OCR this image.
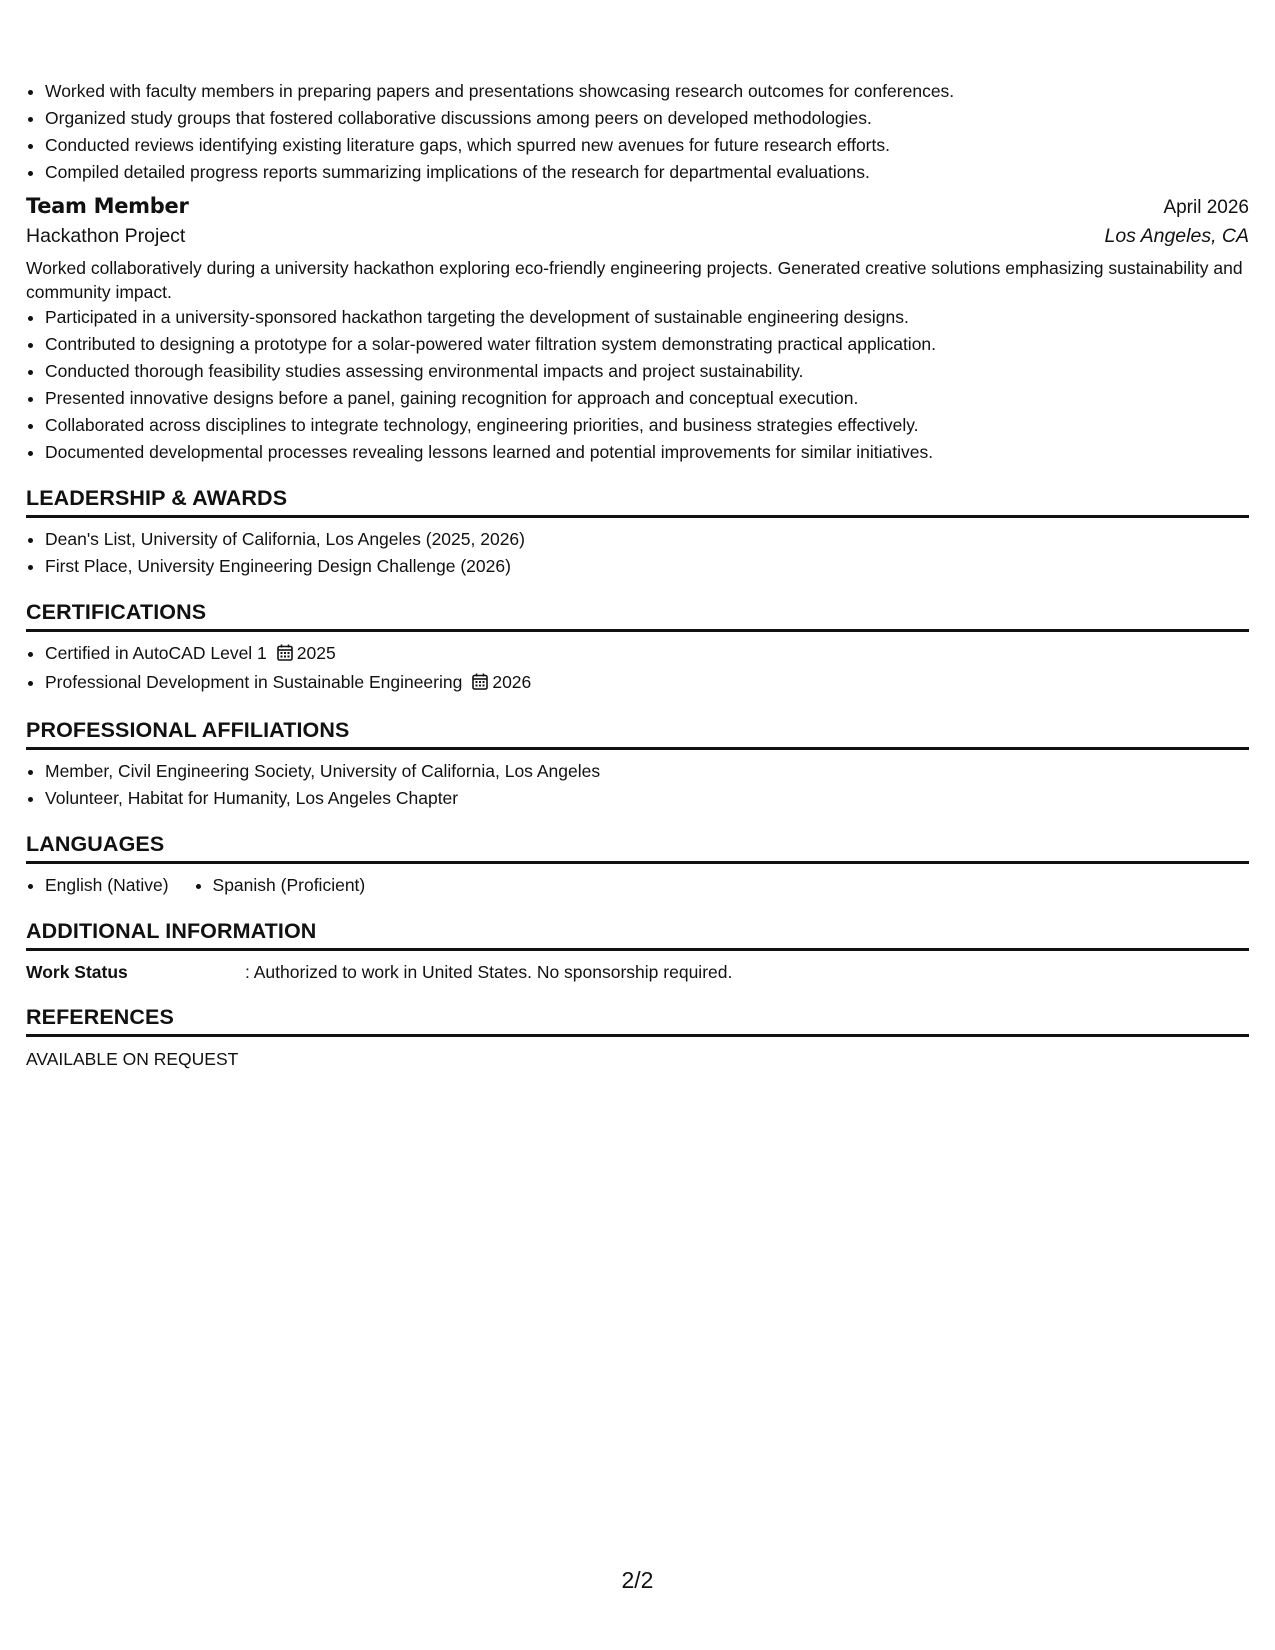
• Worked with faculty members in preparing papers and presentations showcasing research outcomes for conferences.
• Organized study groups that fostered collaborative discussions among peers on developed methodologies.
• Conducted reviews identifying existing literature gaps, which spurred new avenues for future research efforts.
• Compiled detailed progress reports summarizing implications of the research for departmental evaluations.
Team Member	April 2026
Hackathon Project	Los Angeles, CA
Worked collaboratively during a university hackathon exploring eco-friendly engineering projects. Generated creative solutions emphasizing sustainability and community impact.
• Participated in a university-sponsored hackathon targeting the development of sustainable engineering designs.
• Contributed to designing a prototype for a solar-powered water filtration system demonstrating practical application.
• Conducted thorough feasibility studies assessing environmental impacts and project sustainability.
• Presented innovative designs before a panel, gaining recognition for approach and conceptual execution.
• Collaborated across disciplines to integrate technology, engineering priorities, and business strategies effectively.
• Documented developmental processes revealing lessons learned and potential improvements for similar initiatives.
LEADERSHIP & AWARDS
• Dean's List, University of California, Los Angeles (2025, 2026)
• First Place, University Engineering Design Challenge (2026)
CERTIFICATIONS
• Certified in AutoCAD Level 1 2025
• Professional Development in Sustainable Engineering 2026
PROFESSIONAL AFFILIATIONS
• Member, Civil Engineering Society, University of California, Los Angeles
• Volunteer, Habitat for Humanity, Los Angeles Chapter
LANGUAGES
• English (Native)
•	Spanish (Proficient)
ADDITIONAL INFORMATION
Work Status	: Authorized to work in United States. No sponsorship required.
REFERENCES
AVAILABLE ON REQUEST
2/2
